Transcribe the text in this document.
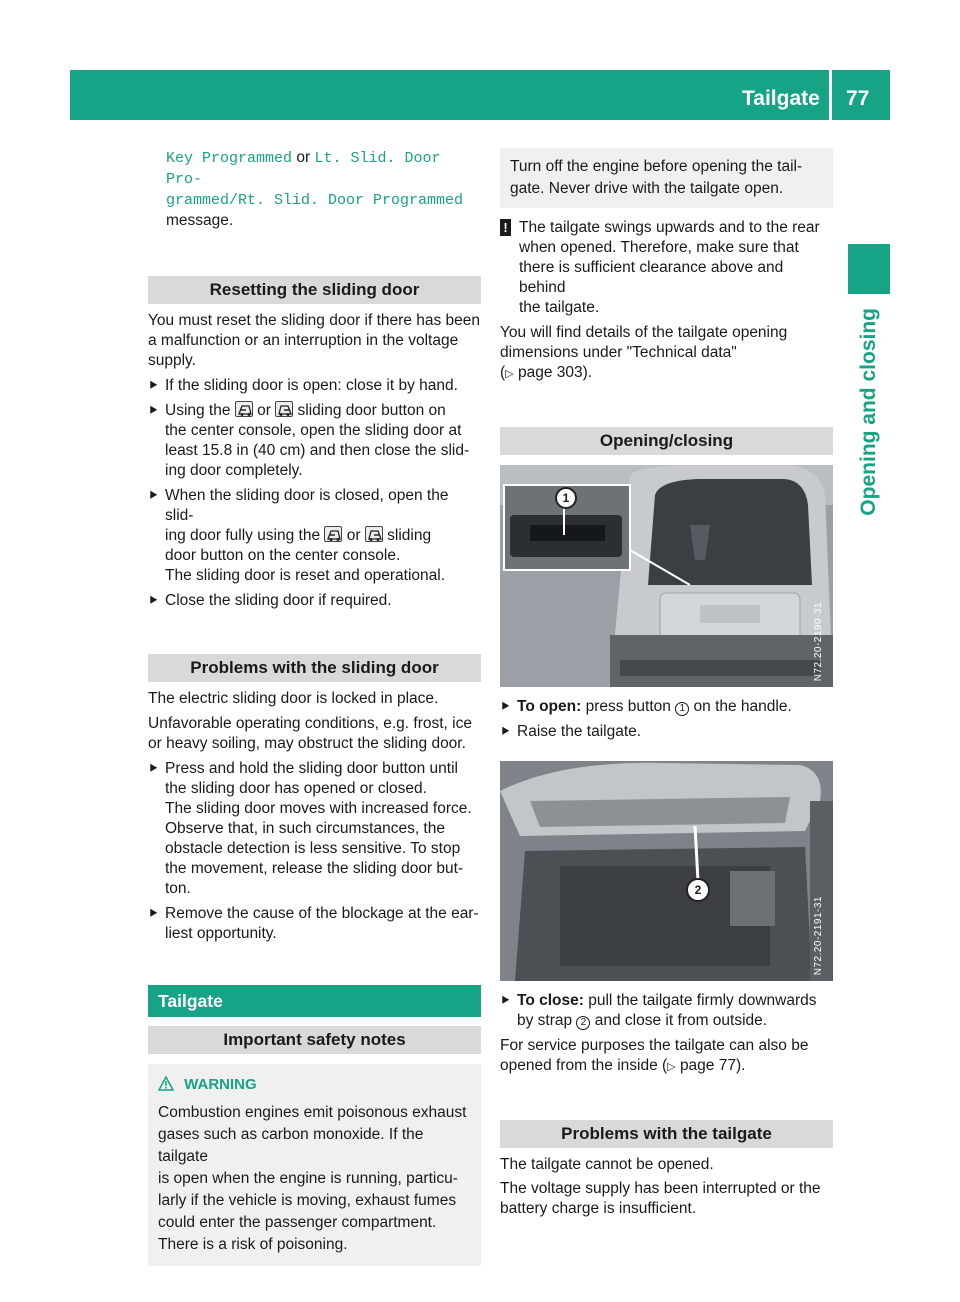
Tailgate 77
Opening and closing

Key Programmed or Lt. Slid. Door Pro‐
grammed/Rt. Slid. Door Programmed
message.

Resetting the sliding door

You must reset the sliding door if there has been a malfunction or an interruption in the voltage supply.

⯈ If the sliding door is open: close it by hand.
⯈ Using the or sliding door button on
the center console, open the sliding door at
least 15.8 in (40 cm) and then close the slid‐
ing door completely.
⯈ When the sliding door is closed, open the slid‐
ing door fully using the or sliding
door button on the center console.
The sliding door is reset and operational.
⯈ Close the sliding door if required.
Problems with the sliding door

The electric sliding door is locked in place.

Unfavorable operating conditions, e.g. frost, ice
or heavy soiling, may obstruct the sliding door.

⯈ Press and hold the sliding door button until
the sliding door has opened or closed.
The sliding door moves with increased force.
Observe that, in such circumstances, the
obstacle detection is less sensitive. To stop
the movement, release the sliding door but‐
ton.
⯈ Remove the cause of the blockage at the ear‐
liest opportunity.
Tailgate
Important safety notes
WARNING
Combustion engines emit poisonous exhaust
gases such as carbon monoxide. If the tailgate
is open when the engine is running, particu‐
larly if the vehicle is moving, exhaust fumes
could enter the passenger compartment.
There is a risk of poisoning.
Turn off the engine before opening the tail‐
gate. Never drive with the tailgate open.
! The tailgate swings upwards and to the rear
when opened. Therefore, make sure that
there is sufficient clearance above and behind
the tailgate.

You will find details of the tailgate opening
dimensions under "Technical data"
(▷ page 303).

Opening/closing
1
N72.20-2190-31
⯈ To open: press button 1 on the handle.
⯈ Raise the tailgate.
2
N72.20-2191-31
⯈ To close: pull the tailgate firmly downwards
by strap 2 and close it from outside.

For service purposes the tailgate can also be
opened from the inside (▷ page 77).

Problems with the tailgate

The tailgate cannot be opened.
The voltage supply has been interrupted or the
battery charge is insufficient.
